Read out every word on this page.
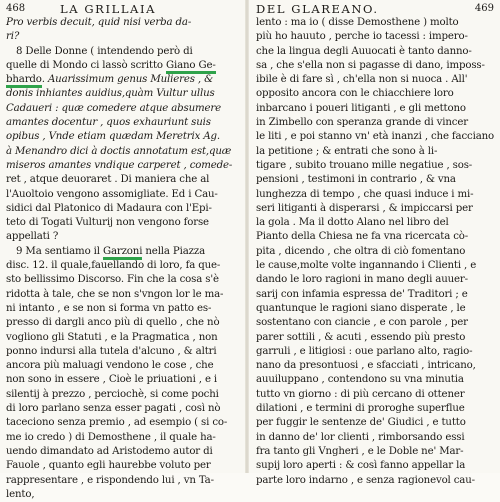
468	LA GRILLAIA
Pro verbis decuit, quid nisi verba da-
ri?
8 Delle Donne ( intendendo però di
quelle di Mondo ci lassò scritto Giano Ge-
bhardo. Auarissimum genus Mulieres , &
donis inhiantes auidius,quàm Vultur ullus
Cadaueri : quæ comedere atque absumere
amantes docentur , quos exhauriunt suis
opibus , Vnde etiam quædam Meretrix Ag.
à Menandro dici à doctis annotatum est,quæ
miseros amantes vndique carperet , comede-
ret , atque deuoraret . Di maniera che al
l'Auoltoio vengono assomigliate. Ed i Cau-
sidici dal Platonico di Madaura con l'Epi-
teto di Togati Vulturij non vengono forse
appellati ?
9 Ma sentiamo il Garzoni nella Piazza
disc. 12. il quale,fauellando di loro, fa que-
sto bellissimo Discorso. Fin che la cosa s'è
ridotta à tale, che se non s'vngon lor le ma-
ni intanto , e se non si forma vn patto es-
presso di dargli anco più di quello , che nò
vogliono gli Statuti , e la Pragmatica , non
ponno indursi alla tutela d'alcuno , & altri
ancora più maluagi vendono le cose , che
non sono in essere , Cioè le priuationi , e i
silentij à prezzo , perciochè, si come pochi
di loro parlano senza esser pagati , così nò
taceciono senza premio , ad esempio ( si co-
me io credo ) di Demosthene , il quale ha-
uendo dimandato ad Aristodemo autor di
Fauole , quanto egli haurebbe voluto per
rappresentare , e rispondendo lui , vn Ta-
lento,
DEL GLAREANO.	469
lento : ma io ( disse Demosthene ) molto
più ho hauuto , perche io tacessi : impero-
che la lingua degli Auuocati è tanto danno-
sa , che s'ella non si pagasse di dano, imposs-
ibile è di fare sì , ch'ella non si nuoca . All'
opposito ancora con le chiacchiere loro
inbarcano i poueri litiganti , e gli mettono
in Zimbello con speranza grande di vincer
le liti , e poi stanno vn' età inanzi , che facciano
la petitione ; & entrati che sono à li-
tigare , subito trouano mille negatiue , sos-
pensioni , testimoni in contrario , & vna
lunghezza di tempo , che quasi induce i mi-
seri litiganti à disperarsi , & impiccarsi per
la gola . Ma il dotto Alano nel libro del
Pianto della Chiesa ne fa vna ricercata cò-
pita , dicendo , che oltra di ciò fomentano
le cause,molte volte ingannando i Clienti , e
dando le loro ragioni in mano degli auuer-
sarij con infamia espressa de' Traditori ; e
quantunque le ragioni siano disperate , le
sostentano con ciancie , e con parole , per
parer sottili , & acuti , essendo più presto
garruli , e litigiosi : oue parlano alto, ragio-
nano da presontuosi , e sfacciati , intricano,
auuiluppano , contendono su vna minutia
tutto vn giorno : di più cercano di ottener
dilationi , e termini di proroghe superflue
per fuggir le sentenze de' Giudici , e tutto
in danno de' lor clienti , rimborsando essi
fra tanto gli Vngheri , e le Doble ne' Mar-
supij loro aperti : & così fanno appellar la
parte loro indarno , e senza ragionevol cau-
